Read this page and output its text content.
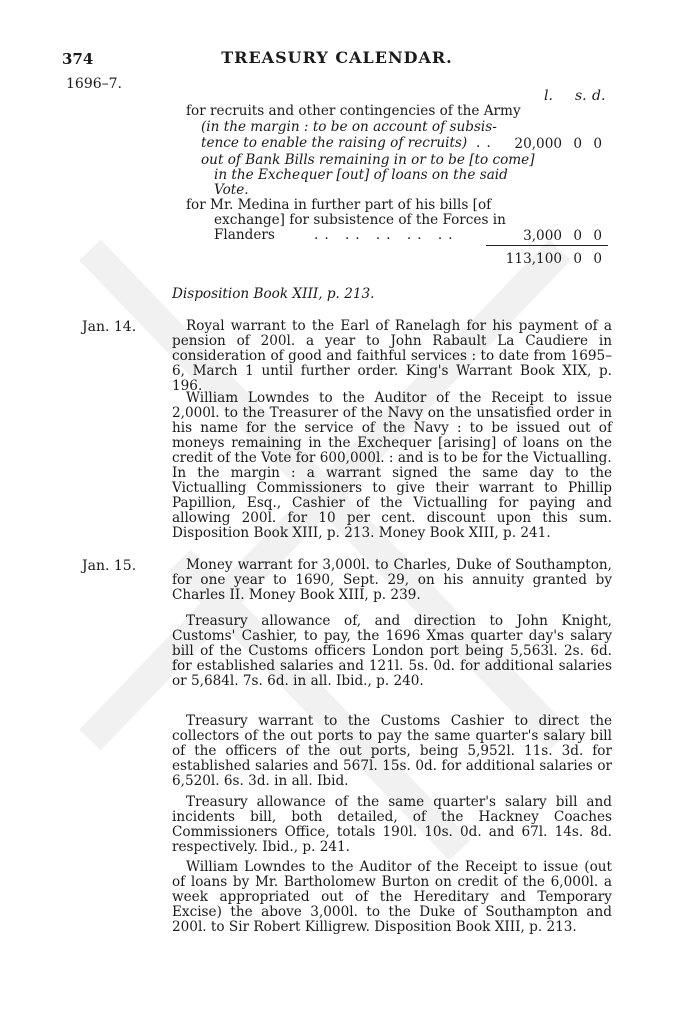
374	TREASURY CALENDAR.
1696–7.
l. s. d.
for recruits and other contingencies of the Army
(in the margin : to be on account of subsis-
tence to enable the raising of recruits) ..	20,000 0 0
out of Bank Bills remaining in or to be [to come]
in the Exchequer [out] of loans on the said
Vote.
for Mr. Medina in further part of his bills [of
exchange] for subsistence of the Forces in
Flanders	.. .. .. .. ..	3,000 0 0
113,100 0 0
Disposition Book XIII, p. 213.
Jan. 14.	Royal warrant to the Earl of Ranelagh for his payment of a pension of 200l. a year to John Rabault La Caudiere in consideration of good and faithful services : to date from 1695–6, March 1 until further order. King's Warrant Book XIX, p. 196.
William Lowndes to the Auditor of the Receipt to issue 2,000l. to the Treasurer of the Navy on the unsatisfied order in his name for the service of the Navy : to be issued out of moneys remaining in the Exchequer [arising] of loans on the credit of the Vote for 600,000l. : and is to be for the Victualling.
In the margin : a warrant signed the same day to the Victualling Commissioners to give their warrant to Phillip Papillion, Esq., Cashier of the Victualling for paying and allowing 200l. for 10 per cent. discount upon this sum. Disposition Book XIII, p. 213. Money Book XIII, p. 241.
Jan. 15.	Money warrant for 3,000l. to Charles, Duke of Southampton, for one year to 1690, Sept. 29, on his annuity granted by Charles II. Money Book XIII, p. 239.
Treasury allowance of, and direction to John Knight, Customs' Cashier, to pay, the 1696 Xmas quarter day's salary bill of the Customs officers London port being 5,563l. 2s. 6d. for established salaries and 121l. 5s. 0d. for additional salaries or 5,684l. 7s. 6d. in all. Ibid., p. 240.
Treasury warrant to the Customs Cashier to direct the collectors of the out ports to pay the same quarter's salary bill of the officers of the out ports, being 5,952l. 11s. 3d. for established salaries and 567l. 15s. 0d. for additional salaries or 6,520l. 6s. 3d. in all. Ibid.
Treasury allowance of the same quarter's salary bill and incidents bill, both detailed, of the Hackney Coaches Commissioners Office, totals 190l. 10s. 0d. and 67l. 14s. 8d. respectively. Ibid., p. 241.
William Lowndes to the Auditor of the Receipt to issue (out of loans by Mr. Bartholomew Burton on credit of the 6,000l. a week appropriated out of the Hereditary and Temporary Excise) the above 3,000l. to the Duke of Southampton and 200l. to Sir Robert Killigrew. Disposition Book XIII, p. 213.
